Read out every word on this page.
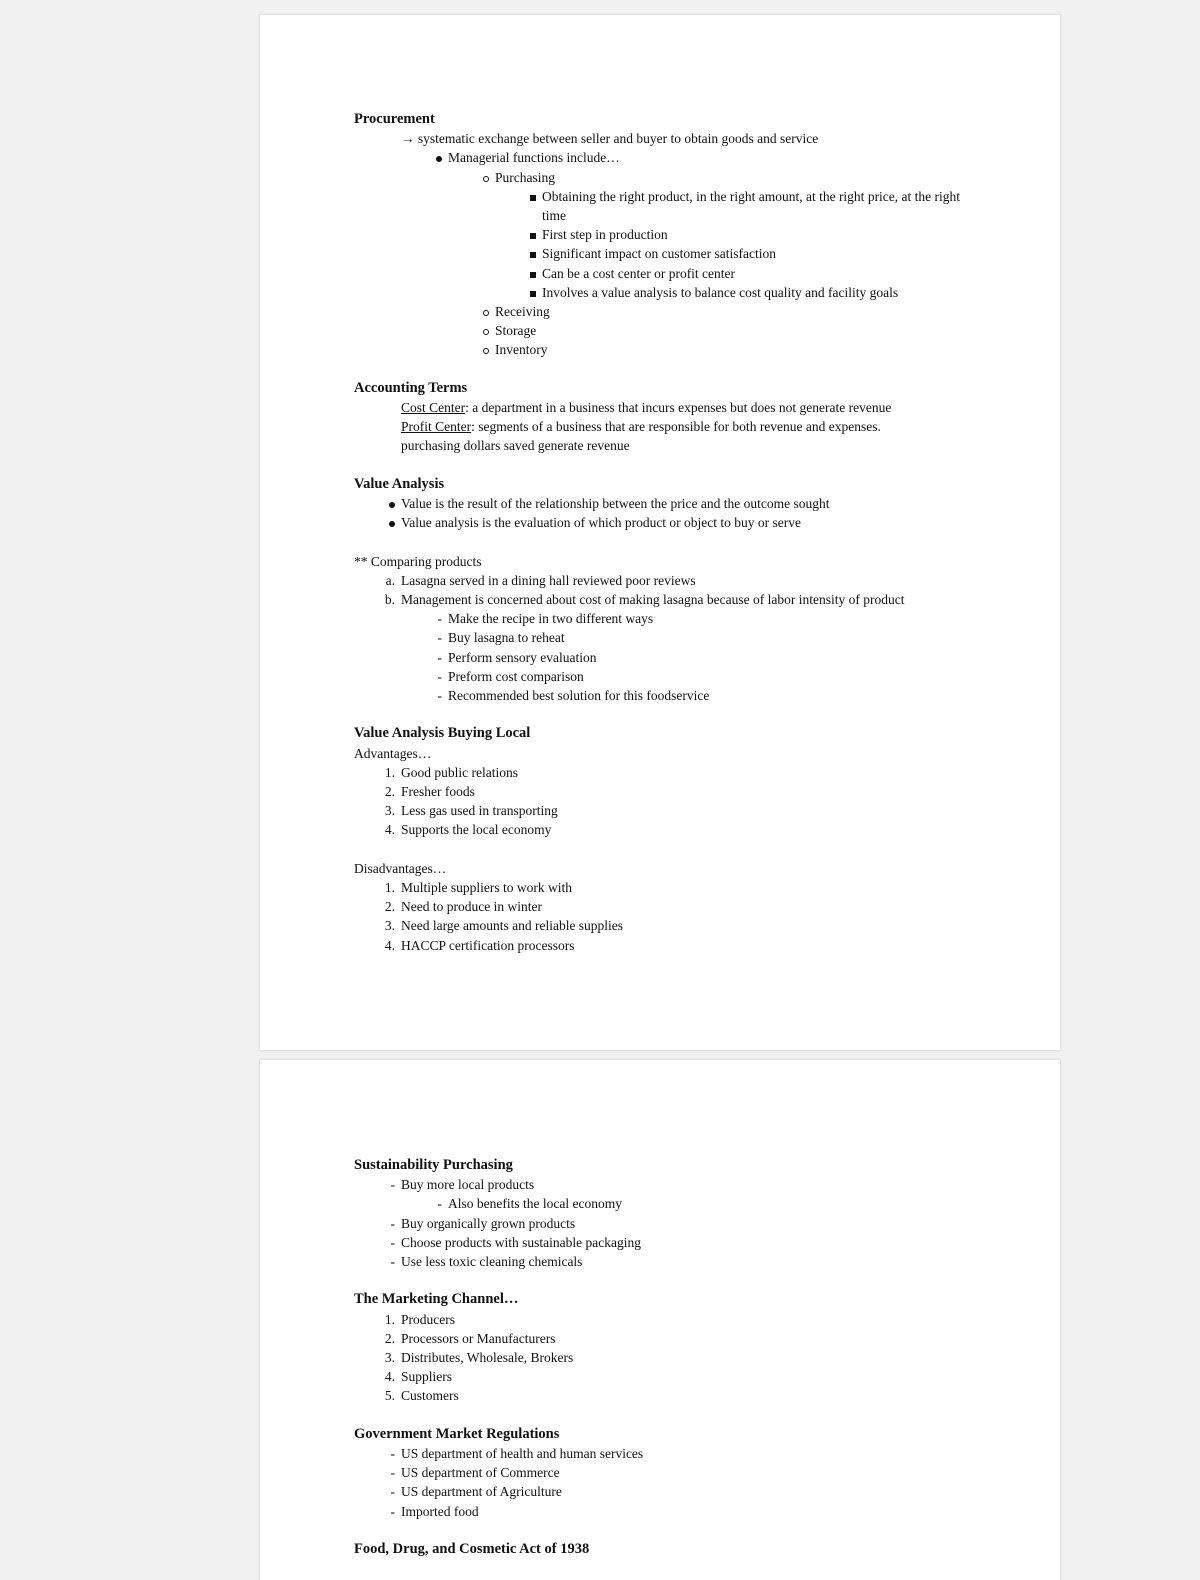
Procurement
→ systematic exchange between seller and buyer to obtain goods and service
Managerial functions include…
Purchasing
Obtaining the right product, in the right amount, at the right price, at the right time
First step in production
Significant impact on customer satisfaction
Can be a cost center or profit center
Involves a value analysis to balance cost quality and facility goals
Receiving
Storage
Inventory
Accounting Terms
Cost Center: a department in a business that incurs expenses but does not generate revenue
Profit Center: segments of a business that are responsible for both revenue and expenses.
purchasing dollars saved generate revenue
Value Analysis
Value is the result of the relationship between the price and the outcome sought
Value analysis is the evaluation of which product or object to buy or serve
** Comparing products
a. Lasagna served in a dining hall reviewed poor reviews
b. Management is concerned about cost of making lasagna because of labor intensity of product
- Make the recipe in two different ways
- Buy lasagna to reheat
- Perform sensory evaluation
- Preform cost comparison
- Recommended best solution for this foodservice
Value Analysis Buying Local
Advantages…
1. Good public relations
2. Fresher foods
3. Less gas used in transporting
4. Supports the local economy
Disadvantages…
1. Multiple suppliers to work with
2. Need to produce in winter
3. Need large amounts and reliable supplies
4. HACCP certification processors
Sustainability Purchasing
- Buy more local products
- Also benefits the local economy
- Buy organically grown products
- Choose products with sustainable packaging
- Use less toxic cleaning chemicals
The Marketing Channel…
1. Producers
2. Processors or Manufacturers
3. Distributes, Wholesale, Brokers
4. Suppliers
5. Customers
Government Market Regulations
- US department of health and human services
- US department of Commerce
- US department of Agriculture
- Imported food
Food, Drug, and Cosmetic Act of 1938
